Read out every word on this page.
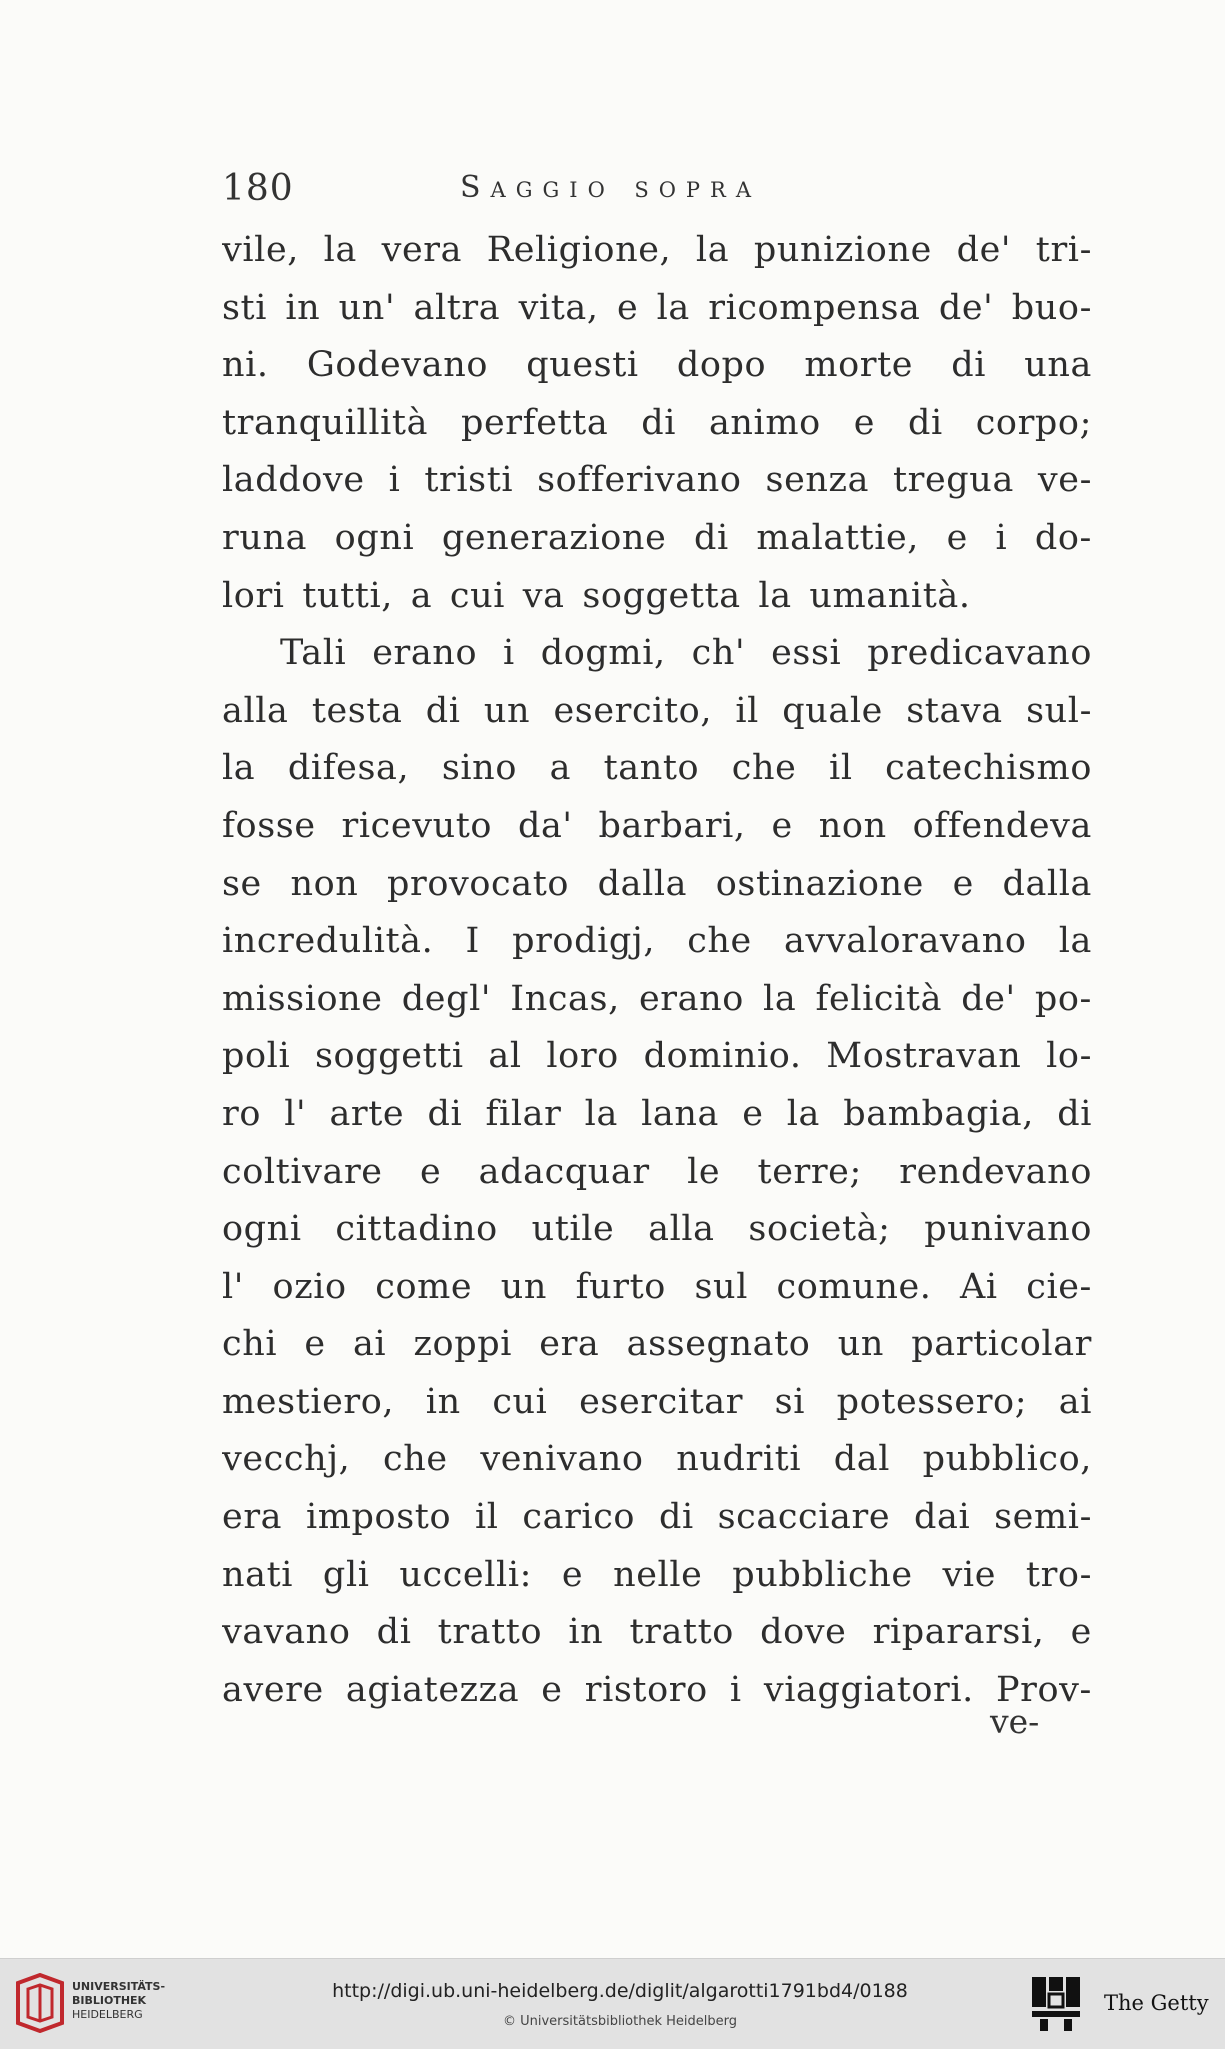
180	Saggio sopra
vile, la vera Religione, la punizione de' tri-
sti in un' altra vita, e la ricompensa de' buo-
ni. Godevano questi dopo morte di una
tranquillità perfetta di animo e di corpo;
laddove i tristi sofferivano senza tregua ve-
runa ogni generazione di malattie, e i do-
lori tutti, a cui va soggetta la umanità.
Tali erano i dogmi, ch' essi predicavano
alla testa di un esercito, il quale stava sul-
la difesa, sino a tanto che il catechismo
fosse ricevuto da' barbari, e non offendeva
se non provocato dalla ostinazione e dalla
incredulità. I prodigj, che avvaloravano la
missione degl' Incas, erano la felicità de' po-
poli soggetti al loro dominio. Mostravan lo-
ro l' arte di filar la lana e la bambagia, di
coltivare e adacquar le terre; rendevano
ogni cittadino utile alla società; punivano
l' ozio come un furto sul comune. Ai cie-
chi e ai zoppi era assegnato un particolar
mestiero, in cui esercitar si potessero; ai
vecchj, che venivano nudriti dal pubblico,
era imposto il carico di scacciare dai semi-
nati gli uccelli: e nelle pubbliche vie tro-
vavano di tratto in tratto dove ripararsi, e
avere agiatezza e ristoro i viaggiatori. Prov-
ve-
UNIVERSITÄTS-
BIBLIOTHEK
HEIDELBERG
http://digi.ub.uni-heidelberg.de/diglit/algarotti1791bd4/0188
© Universitätsbibliothek Heidelberg
The Getty
